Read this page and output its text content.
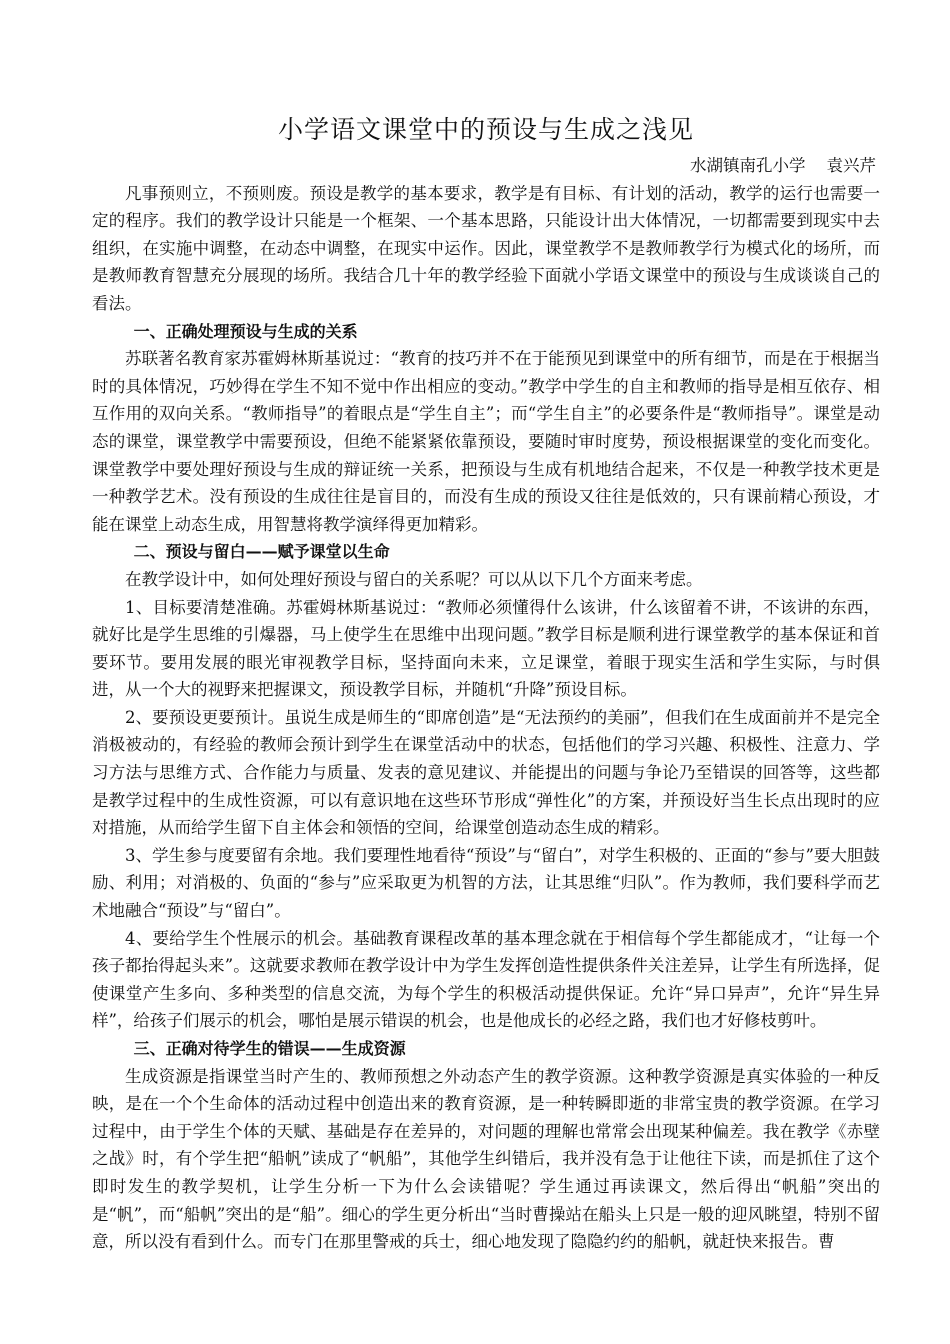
小学语文课堂中的预设与生成之浅见
水湖镇南孔小学    袁兴芹

凡事预则立，不预则废。预设是教学的基本要求，教学是有目标、有计划的活动，教学的运行也需要一定的程序。我们的教学设计只能是一个框架、一个基本思路，只能设计出大体情况，一切都需要到现实中去组织，在实施中调整，在动态中调整，在现实中运作。因此，课堂教学不是教师教学行为模式化的场所，而是教师教育智慧充分展现的场所。我结合几十年的教学经验下面就小学语文课堂中的预设与生成谈谈自己的看法。

一、正确处理预设与生成的关系

苏联著名教育家苏霍姆林斯基说过：“教育的技巧并不在于能预见到课堂中的所有细节，而是在于根据当时的具体情况，巧妙得在学生不知不觉中作出相应的变动。”教学中学生的自主和教师的指导是相互依存、相互作用的双向关系。“教师指导”的着眼点是“学生自主”；而“学生自主”的必要条件是“教师指导”。课堂是动态的课堂，课堂教学中需要预设，但绝不能紧紧依靠预设，要随时审时度势，预设根据课堂的变化而变化。课堂教学中要处理好预设与生成的辩证统一关系，把预设与生成有机地结合起来，不仅是一种教学技术更是一种教学艺术。没有预设的生成往往是盲目的，而没有生成的预设又往往是低效的，只有课前精心预设，才能在课堂上动态生成，用智慧将教学演绎得更加精彩。

二、预设与留白——赋予课堂以生命

在教学设计中，如何处理好预设与留白的关系呢？可以从以下几个方面来考虑。

1、目标要清楚准确。苏霍姆林斯基说过：“教师必须懂得什么该讲，什么该留着不讲，不该讲的东西，就好比是学生思维的引爆器，马上使学生在思维中出现问题。”教学目标是顺利进行课堂教学的基本保证和首要环节。要用发展的眼光审视教学目标，坚持面向未来，立足课堂，着眼于现实生活和学生实际，与时俱进，从一个大的视野来把握课文，预设教学目标，并随机“升降”预设目标。

2、要预设更要预计。虽说生成是师生的“即席创造”是“无法预约的美丽”，但我们在生成面前并不是完全消极被动的，有经验的教师会预计到学生在课堂活动中的状态，包括他们的学习兴趣、积极性、注意力、学习方法与思维方式、合作能力与质量、发表的意见建议、并能提出的问题与争论乃至错误的回答等，这些都是教学过程中的生成性资源，可以有意识地在这些环节形成“弹性化”的方案，并预设好当生长点出现时的应对措施，从而给学生留下自主体会和领悟的空间，给课堂创造动态生成的精彩。

3、学生参与度要留有余地。我们要理性地看待“预设”与“留白”，对学生积极的、正面的“参与”要大胆鼓励、利用；对消极的、负面的“参与”应采取更为机智的方法，让其思维“归队”。作为教师，我们要科学而艺术地融合“预设”与“留白”。

4、要给学生个性展示的机会。基础教育课程改革的基本理念就在于相信每个学生都能成才，“让每一个孩子都抬得起头来”。这就要求教师在教学设计中为学生发挥创造性提供条件关注差异，让学生有所选择，促使课堂产生多向、多种类型的信息交流，为每个学生的积极活动提供保证。允许“异口异声”，允许“异生异样”，给孩子们展示的机会，哪怕是展示错误的机会，也是他成长的必经之路，我们也才好修枝剪叶。

三、正确对待学生的错误——生成资源

生成资源是指课堂当时产生的、教师预想之外动态产生的教学资源。这种教学资源是真实体验的一种反映，是在一个个生命体的活动过程中创造出来的教育资源，是一种转瞬即逝的非常宝贵的教学资源。在学习过程中，由于学生个体的天赋、基础是存在差异的，对问题的理解也常常会出现某种偏差。我在教学《赤壁之战》时，有个学生把“船帆”读成了“帆船”，其他学生纠错后，我并没有急于让他往下读，而是抓住了这个即时发生的教学契机，让学生分析一下为什么会读错呢？学生通过再读课文，然后得出“帆船”突出的是“帆”，而“船帆”突出的是“船”。细心的学生更分析出“当时曹操站在船头上只是一般的迎风眺望，特别不留意，所以没有看到什么。而专门在那里警戒的兵士，细心地发现了隐隐约约的船帆，就赶快来报告。曹
